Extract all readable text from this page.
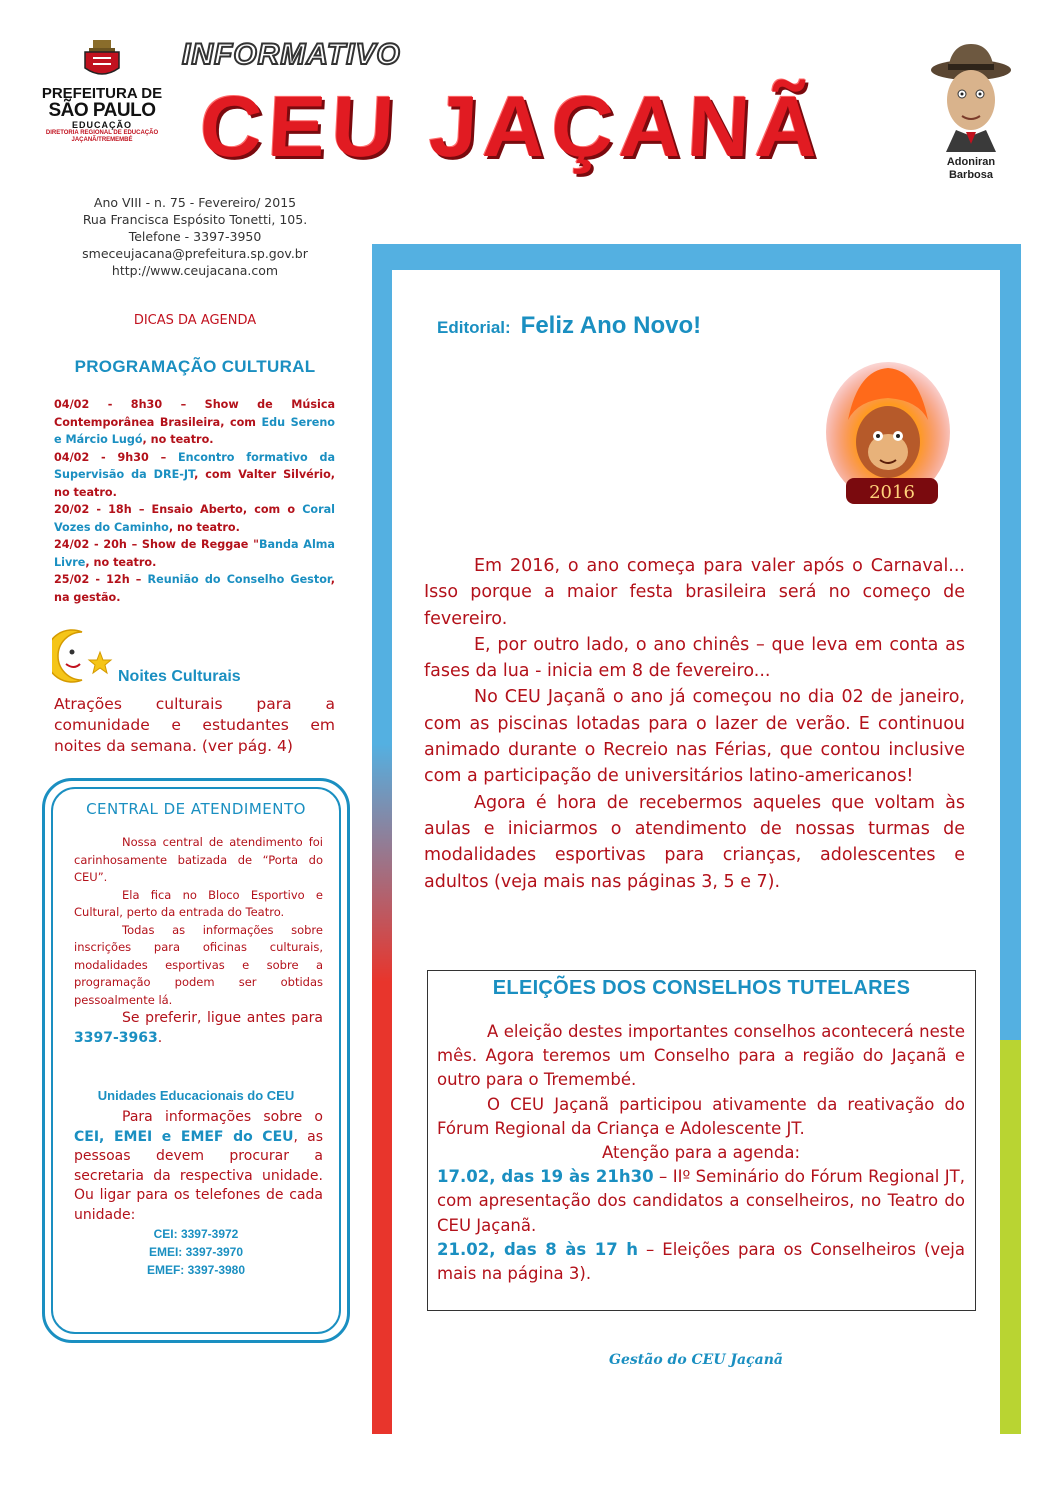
PREFEITURA DE
SÃO PAULO
EDUCAÇÃO
DIRETORIA REGIONAL DE EDUCAÇÃO
JAÇANÃ/TREMEMBÉ
INFORMATIVO
CEU JAÇANÃ	Adoniran
Barbosa
Ano VIII - n. 75 - Fevereiro/ 2015
Rua Francisca Espósito Tonetti, 105.
Telefone - 3397-3950
smeceujacana@prefeitura.sp.gov.br
http://www.ceujacana.com
DICAS DA AGENDA
PROGRAMAÇÃO CULTURAL

04/02 - 8h30 – Show de Música Contemporânea Brasileira, com Edu Sereno e Márcio Lugó, no teatro.

04/02 - 9h30 – Encontro formativo da Supervisão da DRE-JT, com Valter Silvério, no teatro.

20/02 - 18h – Ensaio Aberto, com o Coral Vozes do Caminho, no teatro.

24/02 - 20h – Show de Reggae "Banda Alma Livre, no teatro.

25/02 - 12h – Reunião do Conselho Gestor, na gestão.

Noites Culturais
Atrações culturais para a comunidade e estudantes em noites da semana. (ver pág. 4)
CENTRAL DE ATENDIMENTO

Nossa central de atendimento foi carinhosamente batizada de “Porta do CEU”.

Ela fica no Bloco Esportivo e Cultural, perto da entrada do Teatro.

Todas as informações sobre inscrições para oficinas culturais, modalidades esportivas e sobre a programação podem ser obtidas pessoalmente lá.

Se preferir, ligue antes para 3397-3963.

Unidades Educacionais do CEU

Para informações sobre o CEI, EMEI e EMEF do CEU, as pessoas devem procurar a secretaria da respectiva unidade. Ou ligar para os telefones de cada unidade:

CEI: 3397-3972
EMEI: 3397-3970
EMEF: 3397-3980
Editorial: Feliz Ano Novo!
2016

Em 2016, o ano começa para valer após o Carnaval... Isso porque a maior festa brasileira será no começo de fevereiro.

E, por outro lado, o ano chinês – que leva em conta as fases da lua - inicia em 8 de fevereiro...

No CEU Jaçanã o ano já começou no dia 02 de janeiro, com as piscinas lotadas para o lazer de verão. E continuou animado durante o Recreio nas Férias, que contou inclusive com a participação de universitários latino-americanos!

Agora é hora de recebermos aqueles que voltam às aulas e iniciarmos o atendimento de nossas turmas de modalidades esportivas para crianças, adolescentes e adultos (veja mais nas páginas 3, 5 e 7).

ELEIÇÕES DOS CONSELHOS TUTELARES

A eleição destes importantes conselhos acontecerá neste mês. Agora teremos um Conselho para a região do Jaçanã e outro para o Tremembé.

O CEU Jaçanã participou ativamente da reativação do Fórum Regional da Criança e Adolescente JT.

Atenção para a agenda:

17.02, das 19 às 21h30 – IIº Seminário do Fórum Regional JT, com apresentação dos candidatos a conselheiros, no Teatro do CEU Jaçanã.

21.02, das 8 às 17 h – Eleições para os Conselheiros (veja mais na página 3).

Gestão do CEU Jaçanã
